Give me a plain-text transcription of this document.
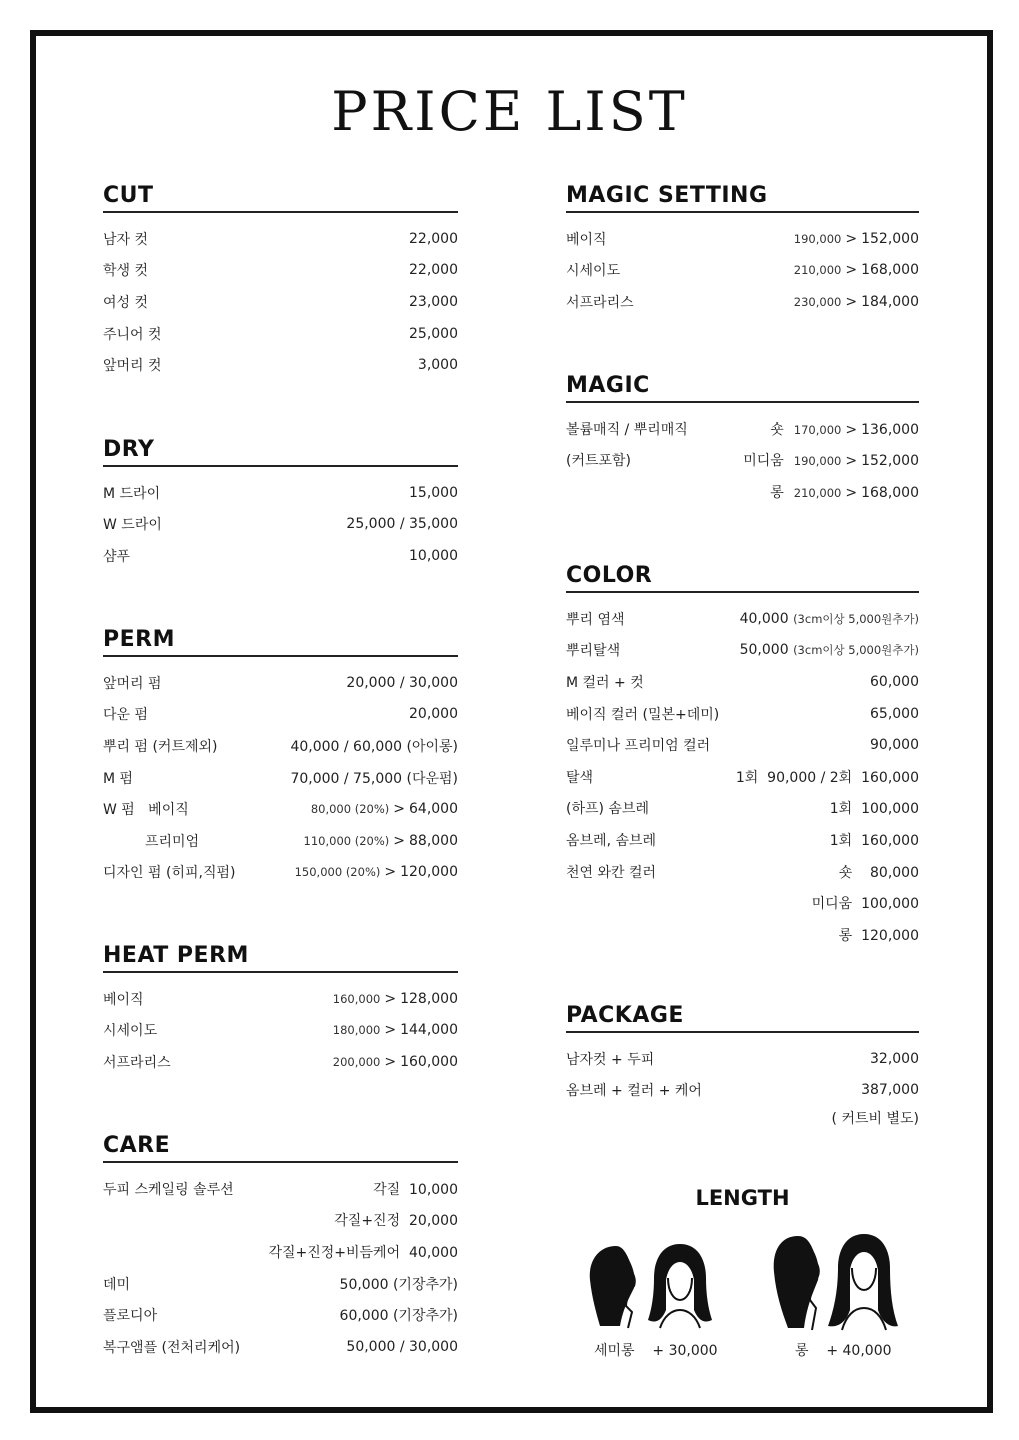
PRICE LIST
CUT
남자 컷	22,000
학생 컷	22,000
여성 컷	23,000
주니어 컷	25,000
앞머리 컷	3,000
DRY
M 드라이	15,000
W 드라이	25,000 / 35,000
샴푸	10,000
PERM
앞머리 펌	20,000 / 30,000
다운 펌	20,000
뿌리 펌 (커트제외)	40,000 / 60,000 (아이롱)
M 펌	70,000 / 75,000 (다운펌)
W 펌   베이직	80,000 (20%) > 64,000
프리미엄	110,000 (20%) > 88,000
디자인 펌 (히피,직펌)	150,000 (20%) > 120,000
HEAT PERM
베이직	160,000 > 128,000
시세이도	180,000 > 144,000
서프라리스	200,000 > 160,000
CARE
두피 스케일링 솔루션	각질  10,000
각질+진정  20,000
각질+진정+비듬케어  40,000
데미	50,000 (기장추가)
플로디아	60,000 (기장추가)
복구앰플 (전처리케어)	50,000 / 30,000
MAGIC SETTING
베이직	190,000 > 152,000
시세이도	210,000 > 168,000
서프라리스	230,000 > 184,000
MAGIC
볼륨매직 / 뿌리매직	숏 170,000 > 136,000
(커트포함)	미디움 190,000 > 152,000
롱 210,000 > 168,000
COLOR
뿌리 염색	40,000 (3cm이상 5,000원추가)
뿌리탈색	50,000 (3cm이상 5,000원추가)
M 컬러 + 컷	60,000
베이직 컬러 (밀본+데미)	65,000
일루미나 프리미엄 컬러	90,000
탈색	1회  90,000 / 2회  160,000
(하프) 솜브레	1회  100,000
옴브레, 솜브레	1회  160,000
천연 와칸 컬러	숏    80,000
미디움  100,000
롱  120,000
PACKAGE
남자컷 + 두피	32,000
옴브레 + 컬러 + 케어	387,000
( 커트비 별도)
LENGTH
세미롱 + 30,000	롱 + 40,000
